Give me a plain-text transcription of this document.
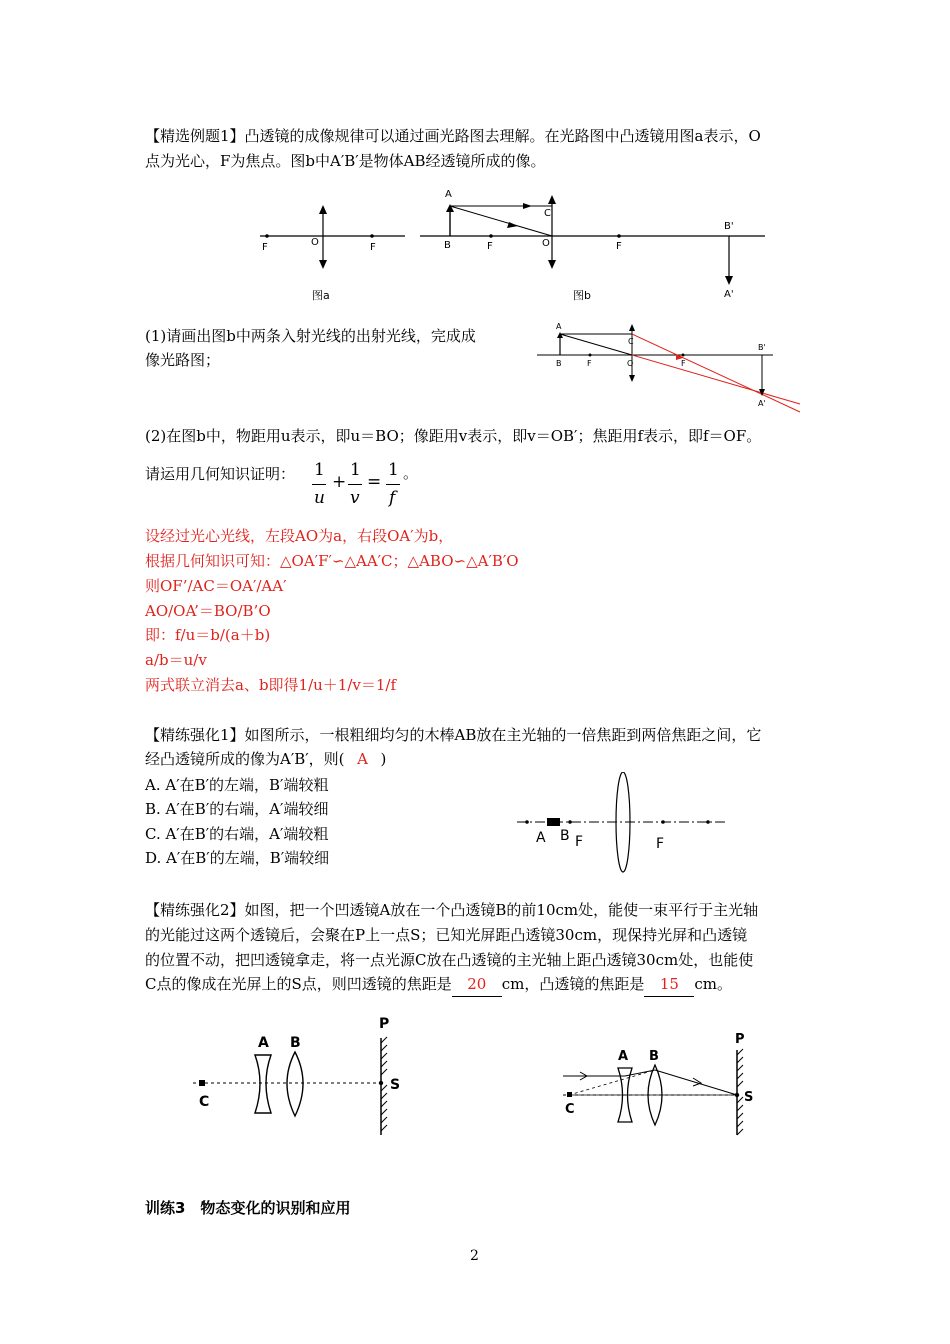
【精选例题1】凸透镜的成像规律可以通过画光路图去理解。在光路图中凸透镜用图a表示，O
点为光心，F为焦点。图b中A′B′是物体AB经透镜所成的像。
F	O	F
图a
A
B
C
F	O	F
B'
A'
图b
(1)请画出图b中两条入射光线的出射光线，完成成
像光路图；
A
B
C
F	O	F
B'
A'
(2)在图b中，物距用u表示，即u＝BO；像距用v表示，即v＝OB′；焦距用f表示，即f＝OF。
请运用几何知识证明： 1
u
+
1
v
=
1
f
。
设经过光心光线，左段AO为a，右段OA′为b，
根据几何知识可知：△OA′F′∽△AA′C；△ABO∽△A′B′O
则OF’/AC＝OA′/AA′
AO/OA’＝BO/B’O
即：f/u＝b/(a＋b)
a/b＝u/v
两式联立消去a、b即得1/u＋1/v＝1/f
【精练强化1】如图所示，一根粗细均匀的木棒AB放在主光轴的一倍焦距到两倍焦距之间，它
经凸透镜所成的像为A′B′，则( A )
A. A′在B′的左端，B′端较粗
B. A′在B′的右端，A′端较细
C. A′在B′的右端，A′端较粗
D. A′在B′的左端，B′端较细
A B F	F
【精练强化2】如图，把一个凹透镜A放在一个凸透镜B的前10cm处，能使一束平行于主光轴
的光能过这两个透镜后，会聚在P上一点S；已知光屏距凸透镜30cm，现保持光屏和凸透镜
的位置不动，把凹透镜拿走，将一点光源C放在凸透镜的主光轴上距凸透镜30cm处，也能使
C点的像成在光屏上的S点，则凹透镜的焦距是 20 cm，凸透镜的焦距是 15 cm。
C
A B
P
S
C
A B
P
S
训练3　物态变化的识别和应用
2
